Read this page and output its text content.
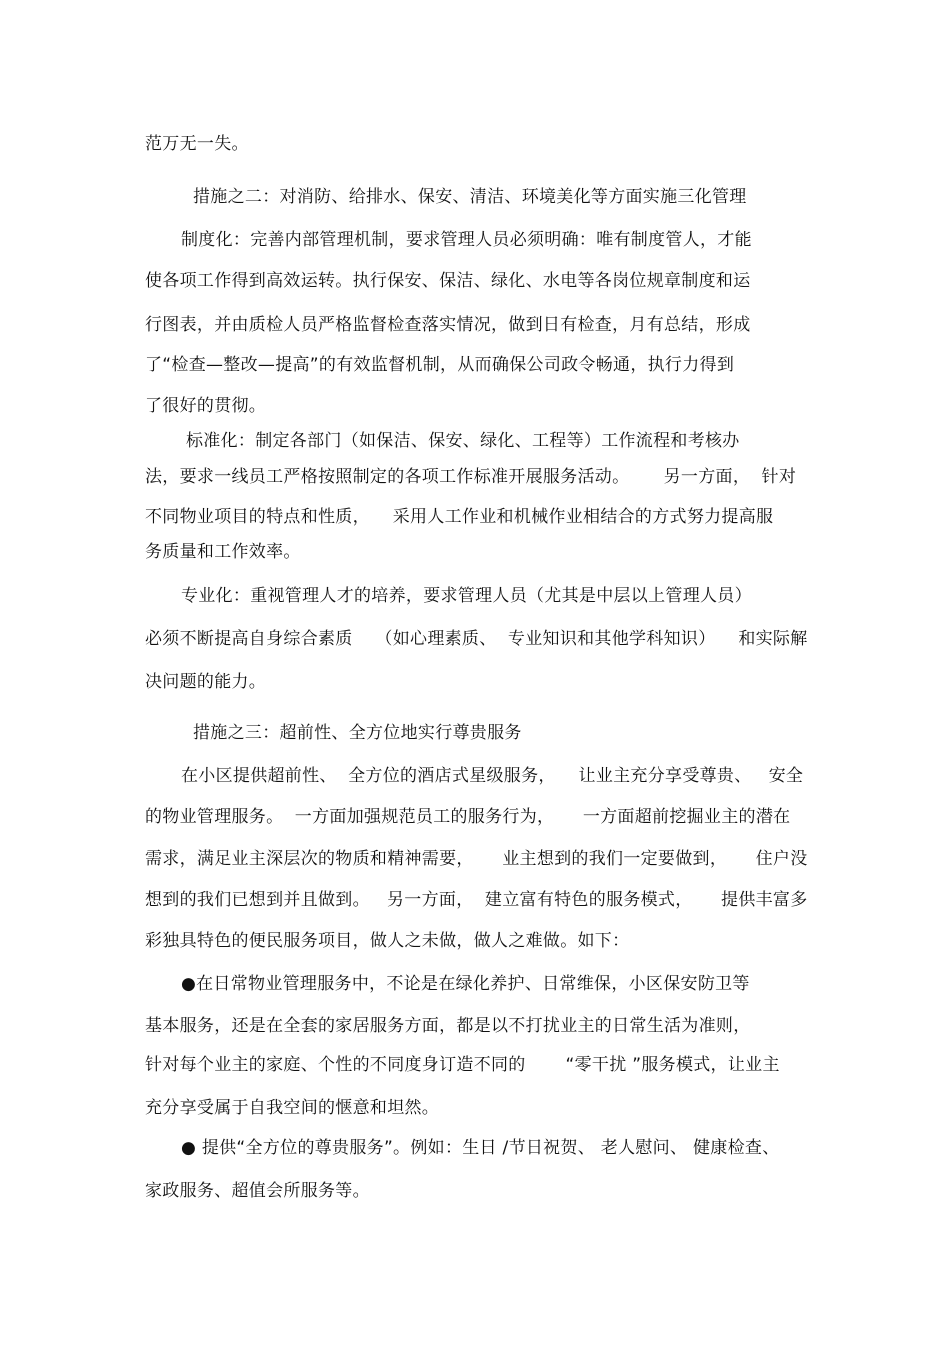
范万无一失。
措施之二：对消防、给排水、保安、清洁、环境美化等方面实施三化管理
制度化：完善内部管理机制，要求管理人员必须明确：唯有制度管人，才能
使各项工作得到高效运转。执行保安、保洁、绿化、水电等各岗位规章制度和运
行图表，并由质检人员严格监督检查落实情况，做到日有检查，月有总结，形成
了“检查—整改—提高”的有效监督机制，从而确保公司政令畅通，执行力得到
了很好的贯彻。
标准化：制定各部门（如保洁、保安、绿化、工程等）工作流程和考核办
法，要求一线员工严格按照制定的各项工作标准开展服务活动。      另一方面，  针对
不同物业项目的特点和性质，    采用人工作业和机械作业相结合的方式努力提高服
务质量和工作效率。
专业化：重视管理人才的培养，要求管理人员（尤其是中层以上管理人员）
必须不断提高自身综合素质    （如心理素质、  专业知识和其他学科知识）    和实际解
决问题的能力。
措施之三：超前性、全方位地实行尊贵服务
在小区提供超前性、  全方位的酒店式星级服务，    让业主充分享受尊贵、   安全
的物业管理服务。  一方面加强规范员工的服务行为，     一方面超前挖掘业主的潜在
需求，满足业主深层次的物质和精神需要，     业主想到的我们一定要做到，     住户没
想到的我们已想到并且做到。   另一方面，  建立富有特色的服务模式，     提供丰富多
彩独具特色的便民服务项目，做人之未做，做人之难做。如下：
●在日常物业管理服务中，不论是在绿化养护、日常维保，小区保安防卫等
基本服务，还是在全套的家居服务方面，都是以不打扰业主的日常生活为准则，
针对每个业主的家庭、个性的不同度身订造不同的       “零干扰 ”服务模式，让业主
充分享受属于自我空间的惬意和坦然。
● 提供“全方位的尊贵服务”。例如：生日 /节日祝贺、 老人慰问、 健康检查、
家政服务、超值会所服务等。
